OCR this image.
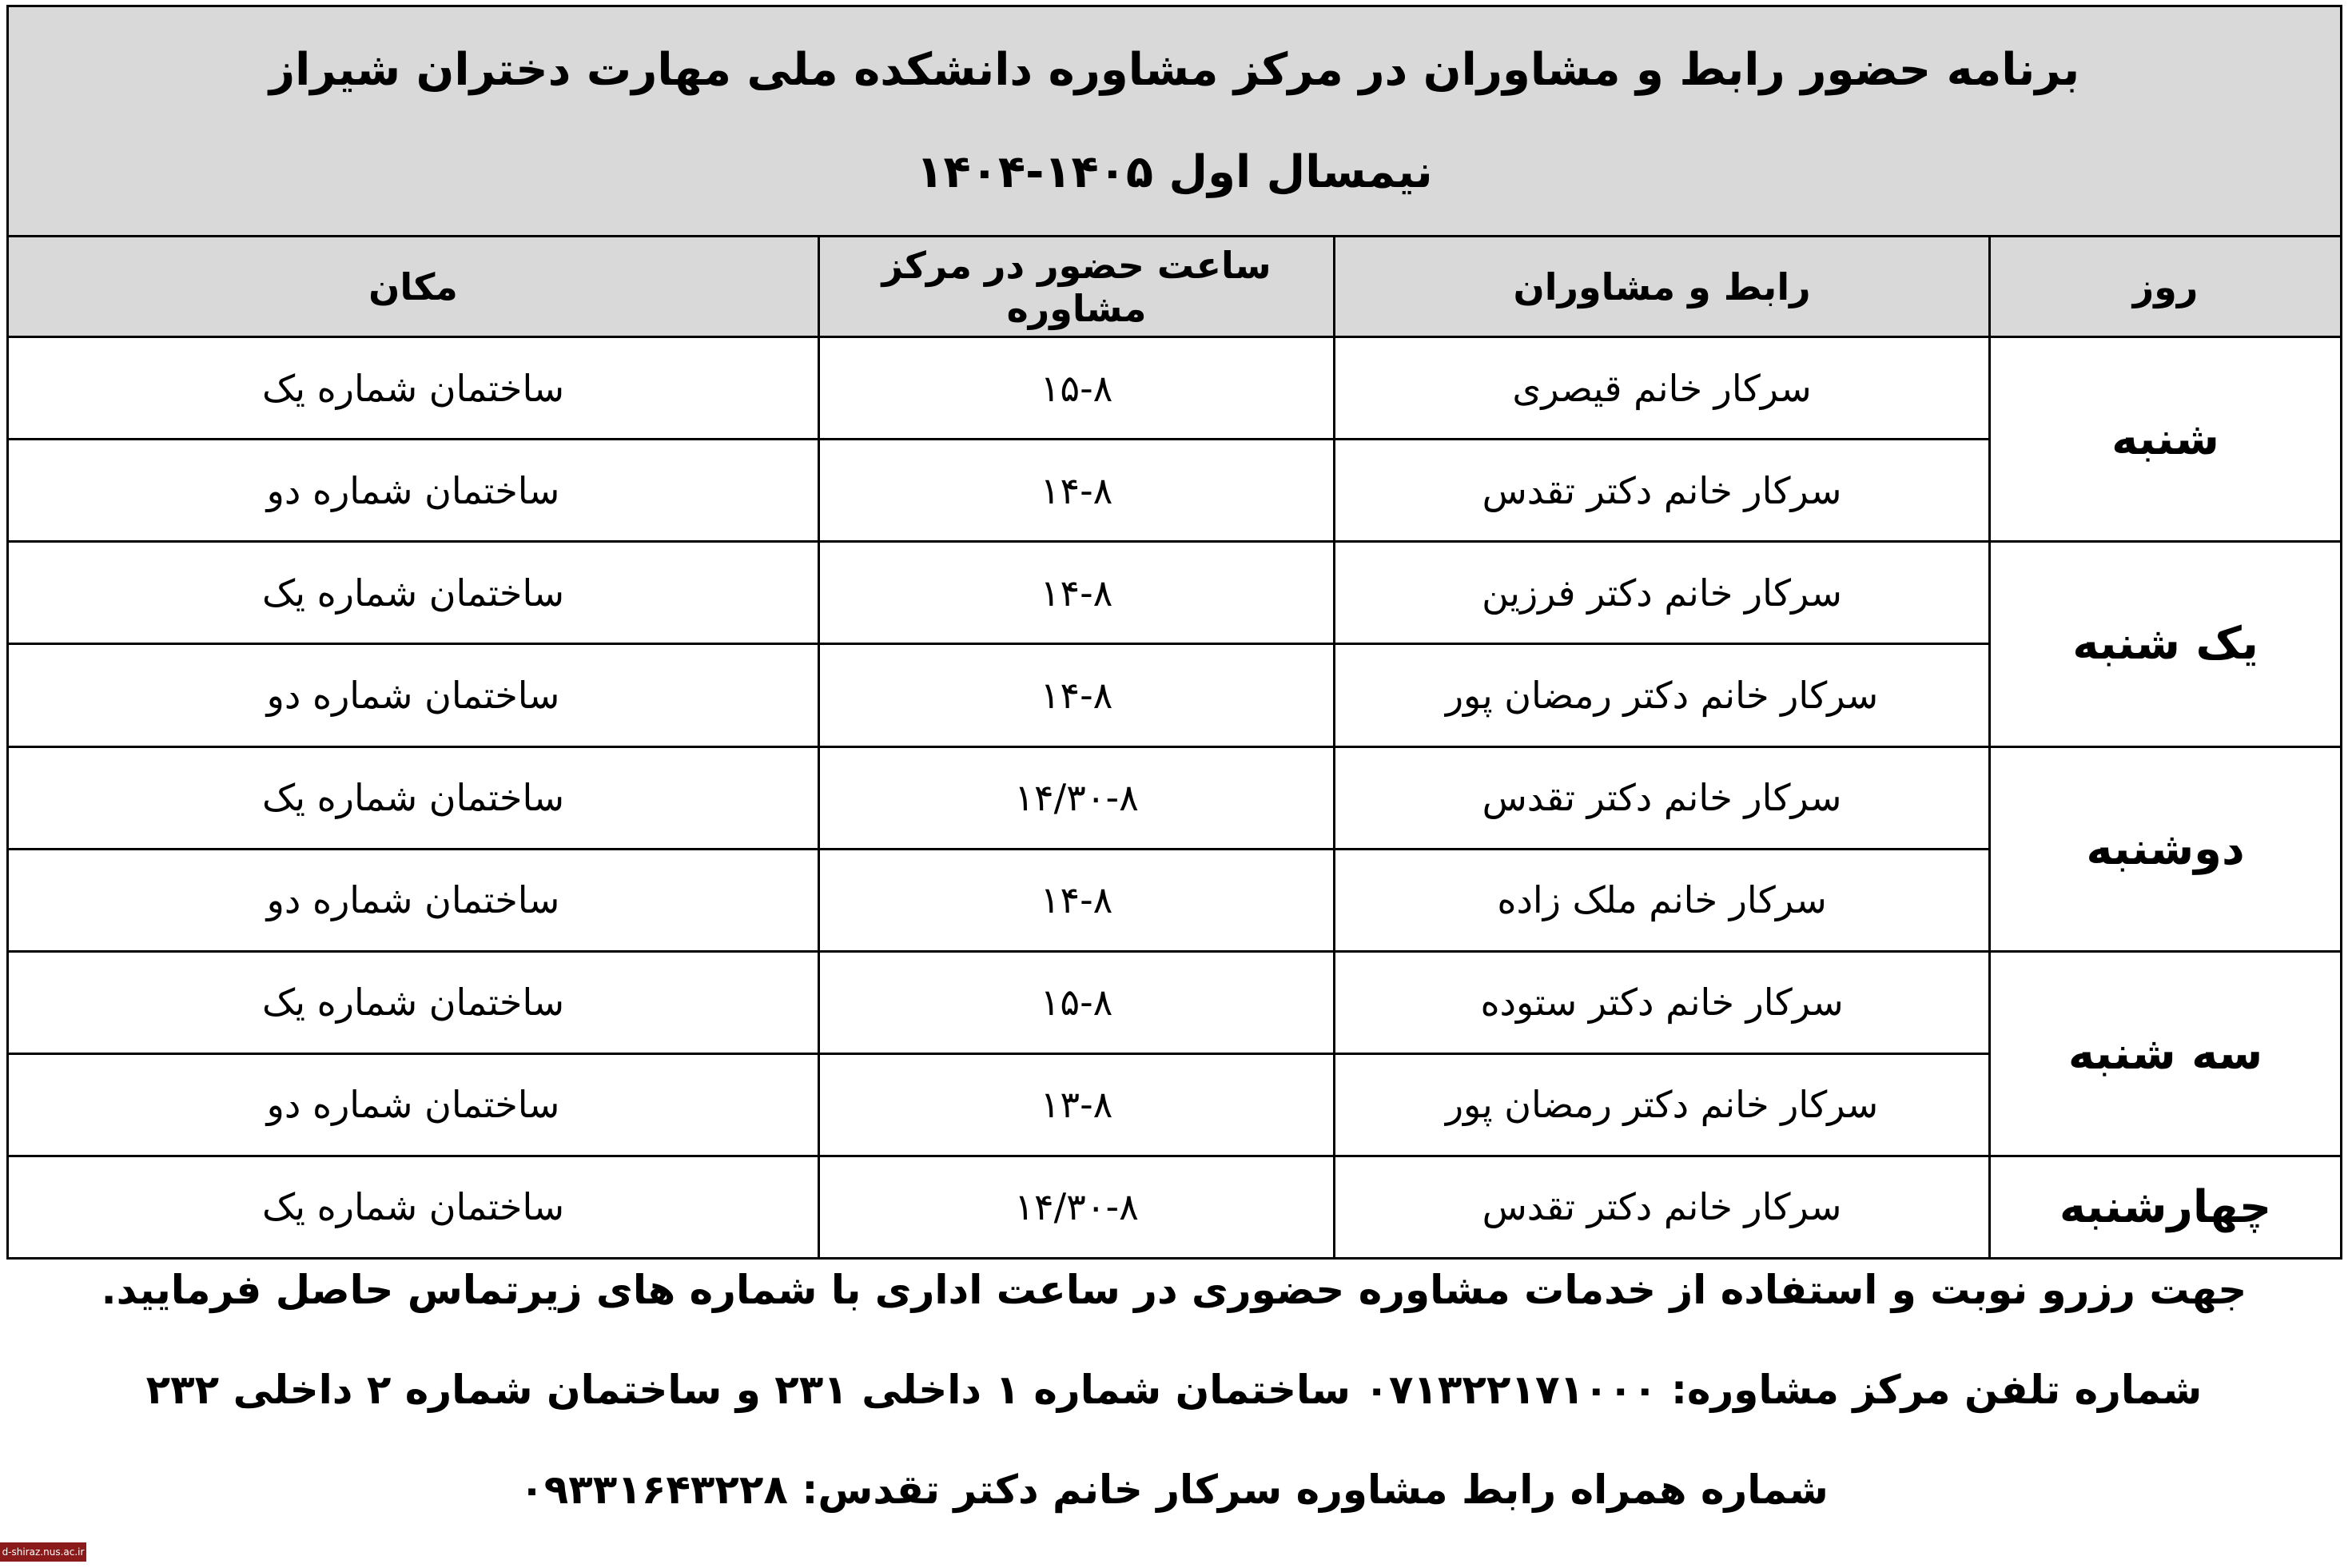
برنامه حضور رابط و مشاوران در مرکز مشاوره دانشکده ملی مهارت دختران شیراز
نیمسال اول ۱۴۰۵-۱۴۰۴			

روز	رابط و مشاوران	ساعت حضور در مرکز مشاوره	مکان
شنبه	سرکار خانم قیصری	۱۵-۸	ساختمان شماره یک
	سرکار خانم دکتر تقدس	۱۴-۸	ساختمان شماره دو
یک شنبه	سرکار خانم دکتر فرزین	۱۴-۸	ساختمان شماره یک
	سرکار خانم دکتر رمضان پور	۱۴-۸	ساختمان شماره دو
دوشنبه	سرکار خانم دکتر تقدس	۱۴/۳۰-۸	ساختمان شماره یک
	سرکار خانم ملک زاده	۱۴-۸	ساختمان شماره دو
سه شنبه	سرکار خانم دکتر ستوده	۱۵-۸	ساختمان شماره یک
	سرکار خانم دکتر رمضان پور	۱۳-۸	ساختمان شماره دو
چهارشنبه	سرکار خانم دکتر تقدس	۱۴/۳۰-۸	ساختمان شماره یک
جهت رزرو نوبت و استفاده از خدمات مشاوره حضوری در ساعت اداری با شماره های زیرتماس حاصل فرمایید.
شماره تلفن مرکز مشاوره: ۰۷۱۳۲۲۱۷۱۰۰۰ ساختمان شماره ۱ داخلی ۲۳۱ و ساختمان شماره ۲ داخلی ۲۳۲
شماره همراه رابط مشاوره سرکار خانم دکتر تقدس: ۰۹۳۳۱۶۴۳۲۲۸
d-shiraz.nus.ac.ir
